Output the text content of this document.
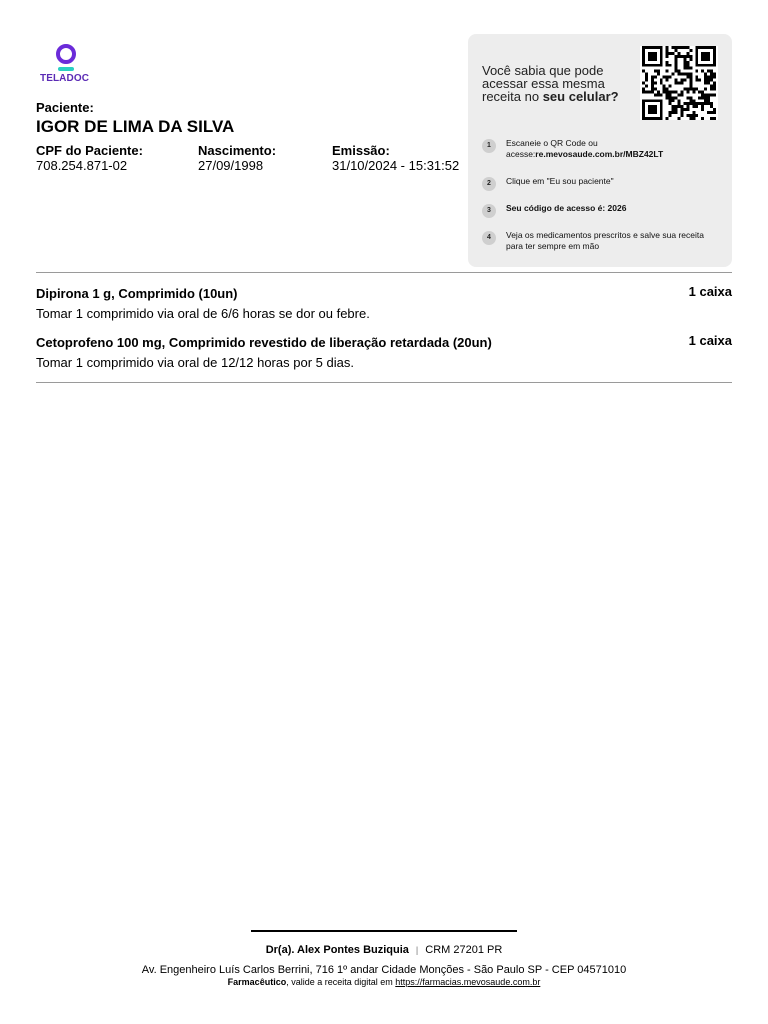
TELADOC
Paciente:
IGOR DE LIMA DA SILVA
CPF do Paciente:
708.254.871-02
Nascimento:
27/09/1998
Emissão:
31/10/2024 - 15:31:52
Você sabia que pode acessar essa mesma receita no seu celular?
1	Escaneie o QR Code ou
acesse:re.mevosaude.com.br/MBZ42LT
2	Clique em "Eu sou paciente"
3	Seu código de acesso é: 2026
4	Veja os medicamentos prescritos e salve sua receita para ter sempre em mão
Dipirona 1 g, Comprimido (10un)	1 caixa
Tomar 1 comprimido via oral de 6/6 horas se dor ou febre.
Cetoprofeno 100 mg, Comprimido revestido de liberação retardada (20un)	1 caixa
Tomar 1 comprimido via oral de 12/12 horas por 5 dias.
Dr(a). Alex Pontes Buziquia | CRM 27201 PR
Av. Engenheiro Luís Carlos Berrini, 716 1º andar Cidade Monções - São Paulo SP - CEP 04571010
Farmacêutico, valide a receita digital em https://farmacias.mevosaude.com.br
